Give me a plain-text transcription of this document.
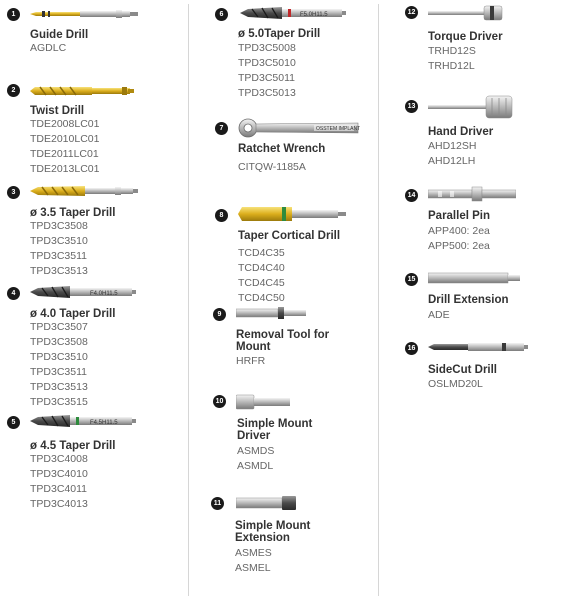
1
Guide Drill
AGDLC
2
Twist Drill
TDE2008LC01
TDE2010LC01
TDE2011LC01
TDE2013LC01
3
ø 3.5 Taper Drill
TPD3C3508
TPD3C3510
TPD3C3511
TPD3C3513
4	F4.0H11.5
ø 4.0 Taper Drill
TPD3C3507
TPD3C3508
TPD3C3510
TPD3C3511
TPD3C3513
TPD3C3515
5	F4.5H11.5
ø 4.5 Taper Drill
TPD3C4008
TPD3C4010
TPD3C4011
TPD3C4013
6	F5.0H11.5
ø 5.0Taper Drill
TPD3C5008
TPD3C5010
TPD3C5011
TPD3C5013
7	OSSTEM IMPLANT
Ratchet Wrench
CITQW-1185A
8
Taper Cortical Drill
TCD4C35
TCD4C40
TCD4C45
TCD4C50
9
Removal Tool for Mount
HRFR
10
Simple Mount Driver
ASMDS
ASMDL
11
Simple Mount Extension
ASMES
ASMEL
12
Torque Driver
TRHD12S
TRHD12L
13
Hand Driver
AHD12SH
AHD12LH
14
Parallel Pin
APP400: 2ea
APP500: 2ea
15
Drill Extension
ADE
16
SideCut Drill
OSLMD20L
